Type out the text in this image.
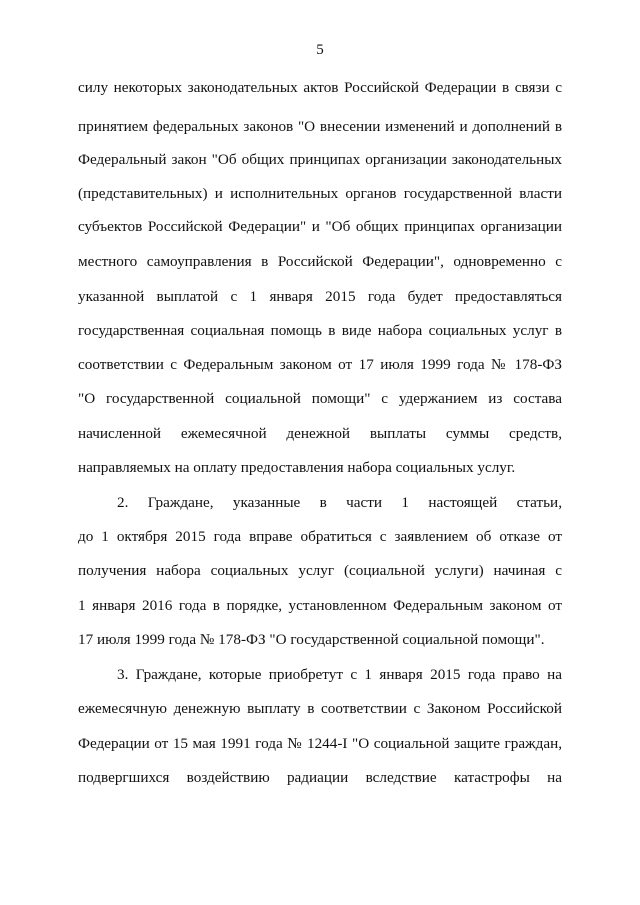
5
силу некоторых законодательных актов Российской Федерации в связи с
принятием федеральных законов "О внесении изменений и дополнений в
Федеральный закон "Об общих принципах организации законодательных
(представительных) и исполнительных органов государственной власти
субъектов Российской Федерации" и "Об общих принципах организации
местного самоуправления в Российской Федерации", одновременно с
указанной выплатой с 1 января 2015 года будет предоставляться
государственная социальная помощь в виде набора социальных услуг в
соответствии с Федеральным законом от 17 июля 1999 года № 178-ФЗ
"О государственной социальной помощи" с удержанием из состава
начисленной ежемесячной денежной выплаты суммы средств,
направляемых на оплату предоставления набора социальных услуг.
2. Граждане, указанные в части 1 настоящей статьи,
до 1 октября 2015 года вправе обратиться с заявлением об отказе от
получения набора социальных услуг (социальной услуги) начиная с
1 января 2016 года в порядке, установленном Федеральным законом от
17 июля 1999 года № 178-ФЗ "О государственной социальной помощи".
3. Граждане, которые приобретут с 1 января 2015 года право на
ежемесячную денежную выплату в соответствии с Законом Российской
Федерации от 15 мая 1991 года № 1244-I "О социальной защите граждан,
подвергшихся воздействию радиации вследствие катастрофы на
